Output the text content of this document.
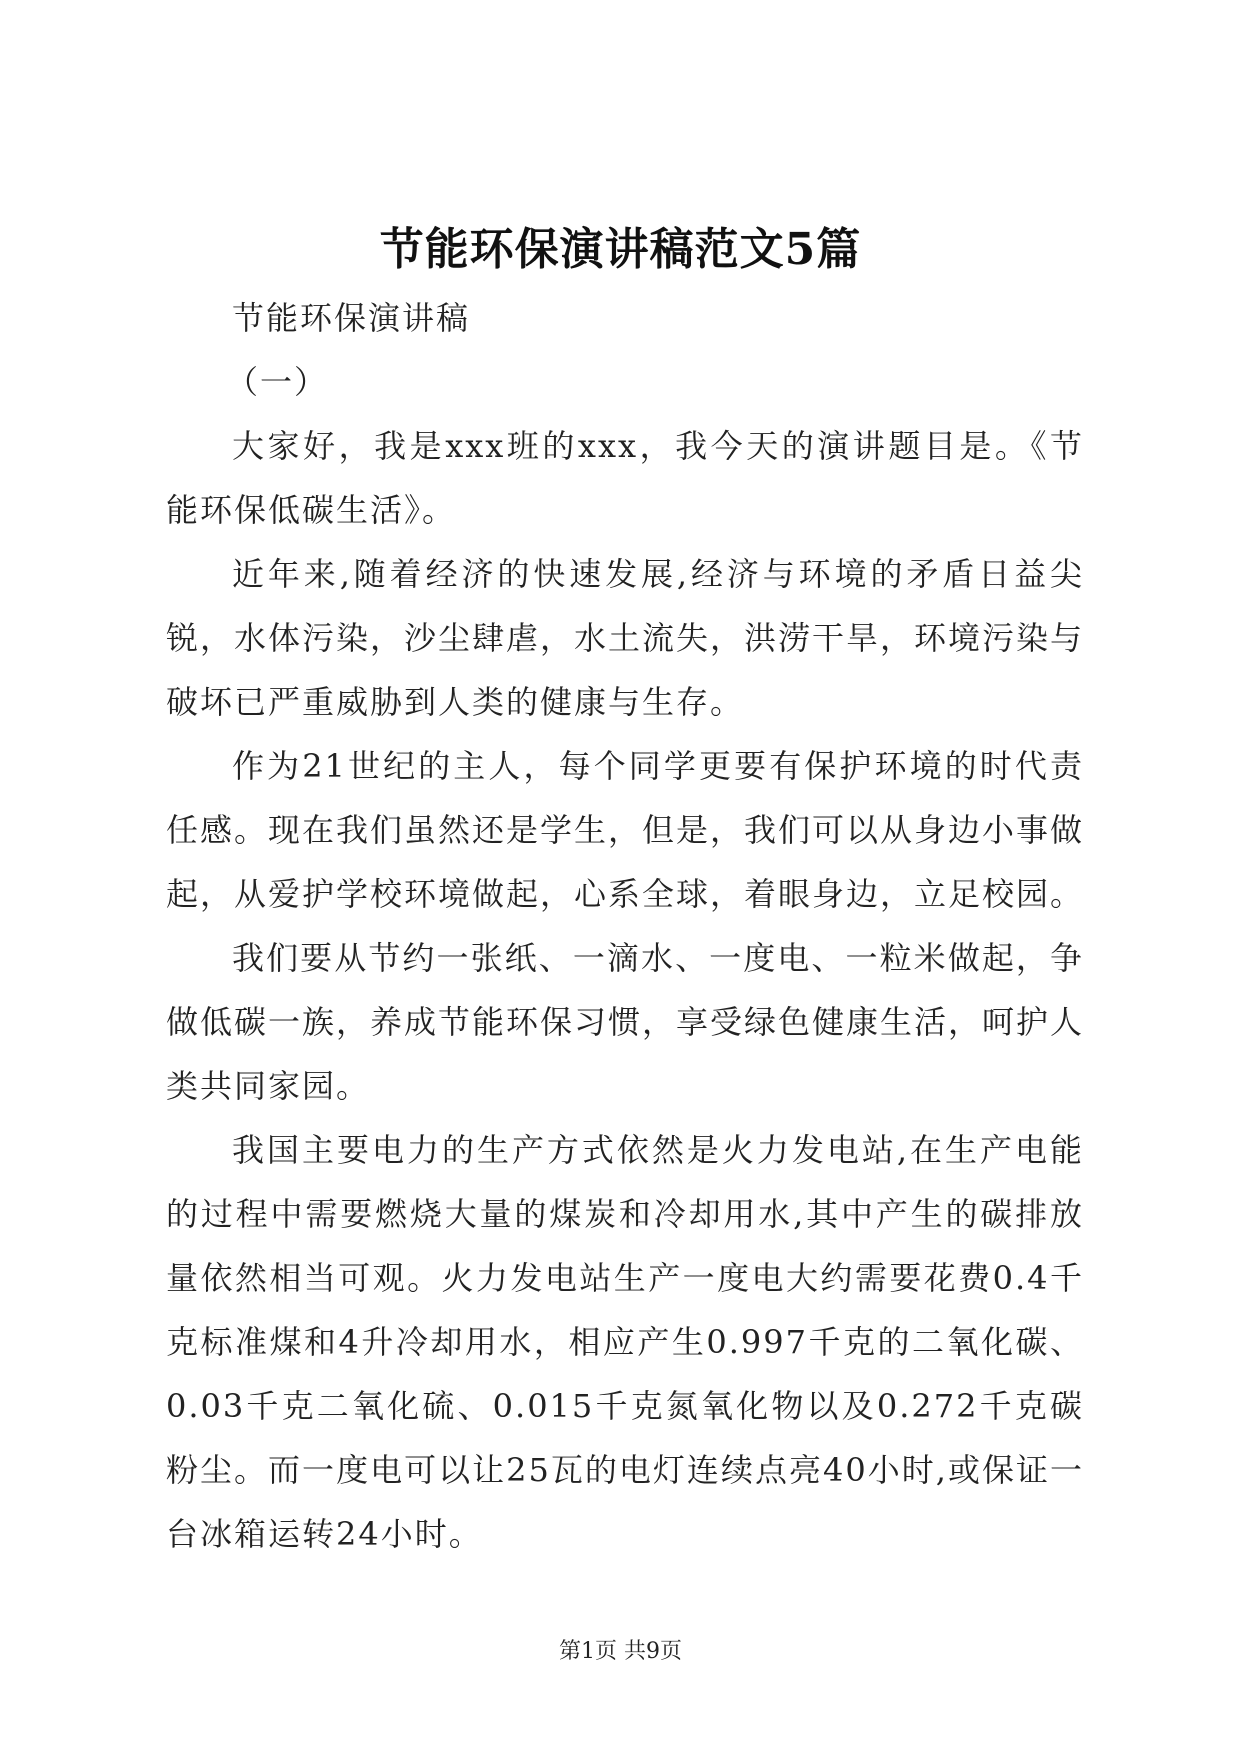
节能环保演讲稿范文5篇

节能环保演讲稿

（一）

大家好，我是xxx班的xxx，我今天的演讲题目是。《节能环保低碳生活》。

近年来,随着经济的快速发展,经济与环境的矛盾日益尖锐，水体污染，沙尘肆虐，水土流失，洪涝干旱，环境污染与破坏已严重威胁到人类的健康与生存。

作为21世纪的主人，每个同学更要有保护环境的时代责任感。现在我们虽然还是学生，但是，我们可以从身边小事做起，从爱护学校环境做起，心系全球，着眼身边，立足校园。

我们要从节约一张纸、一滴水、一度电、一粒米做起，争做低碳一族，养成节能环保习惯，享受绿色健康生活，呵护人类共同家园。

我国主要电力的生产方式依然是火力发电站,在生产电能的过程中需要燃烧大量的煤炭和冷却用水,其中产生的碳排放量依然相当可观。火力发电站生产一度电大约需要花费0.4千克标准煤和4升冷却用水，相应产生0.997千克的二氧化碳、0.03千克二氧化硫、0.015千克氮氧化物以及0.272千克碳粉尘。而一度电可以让25瓦的电灯连续点亮40小时,或保证一台冰箱运转24小时。

第1页 共9页
